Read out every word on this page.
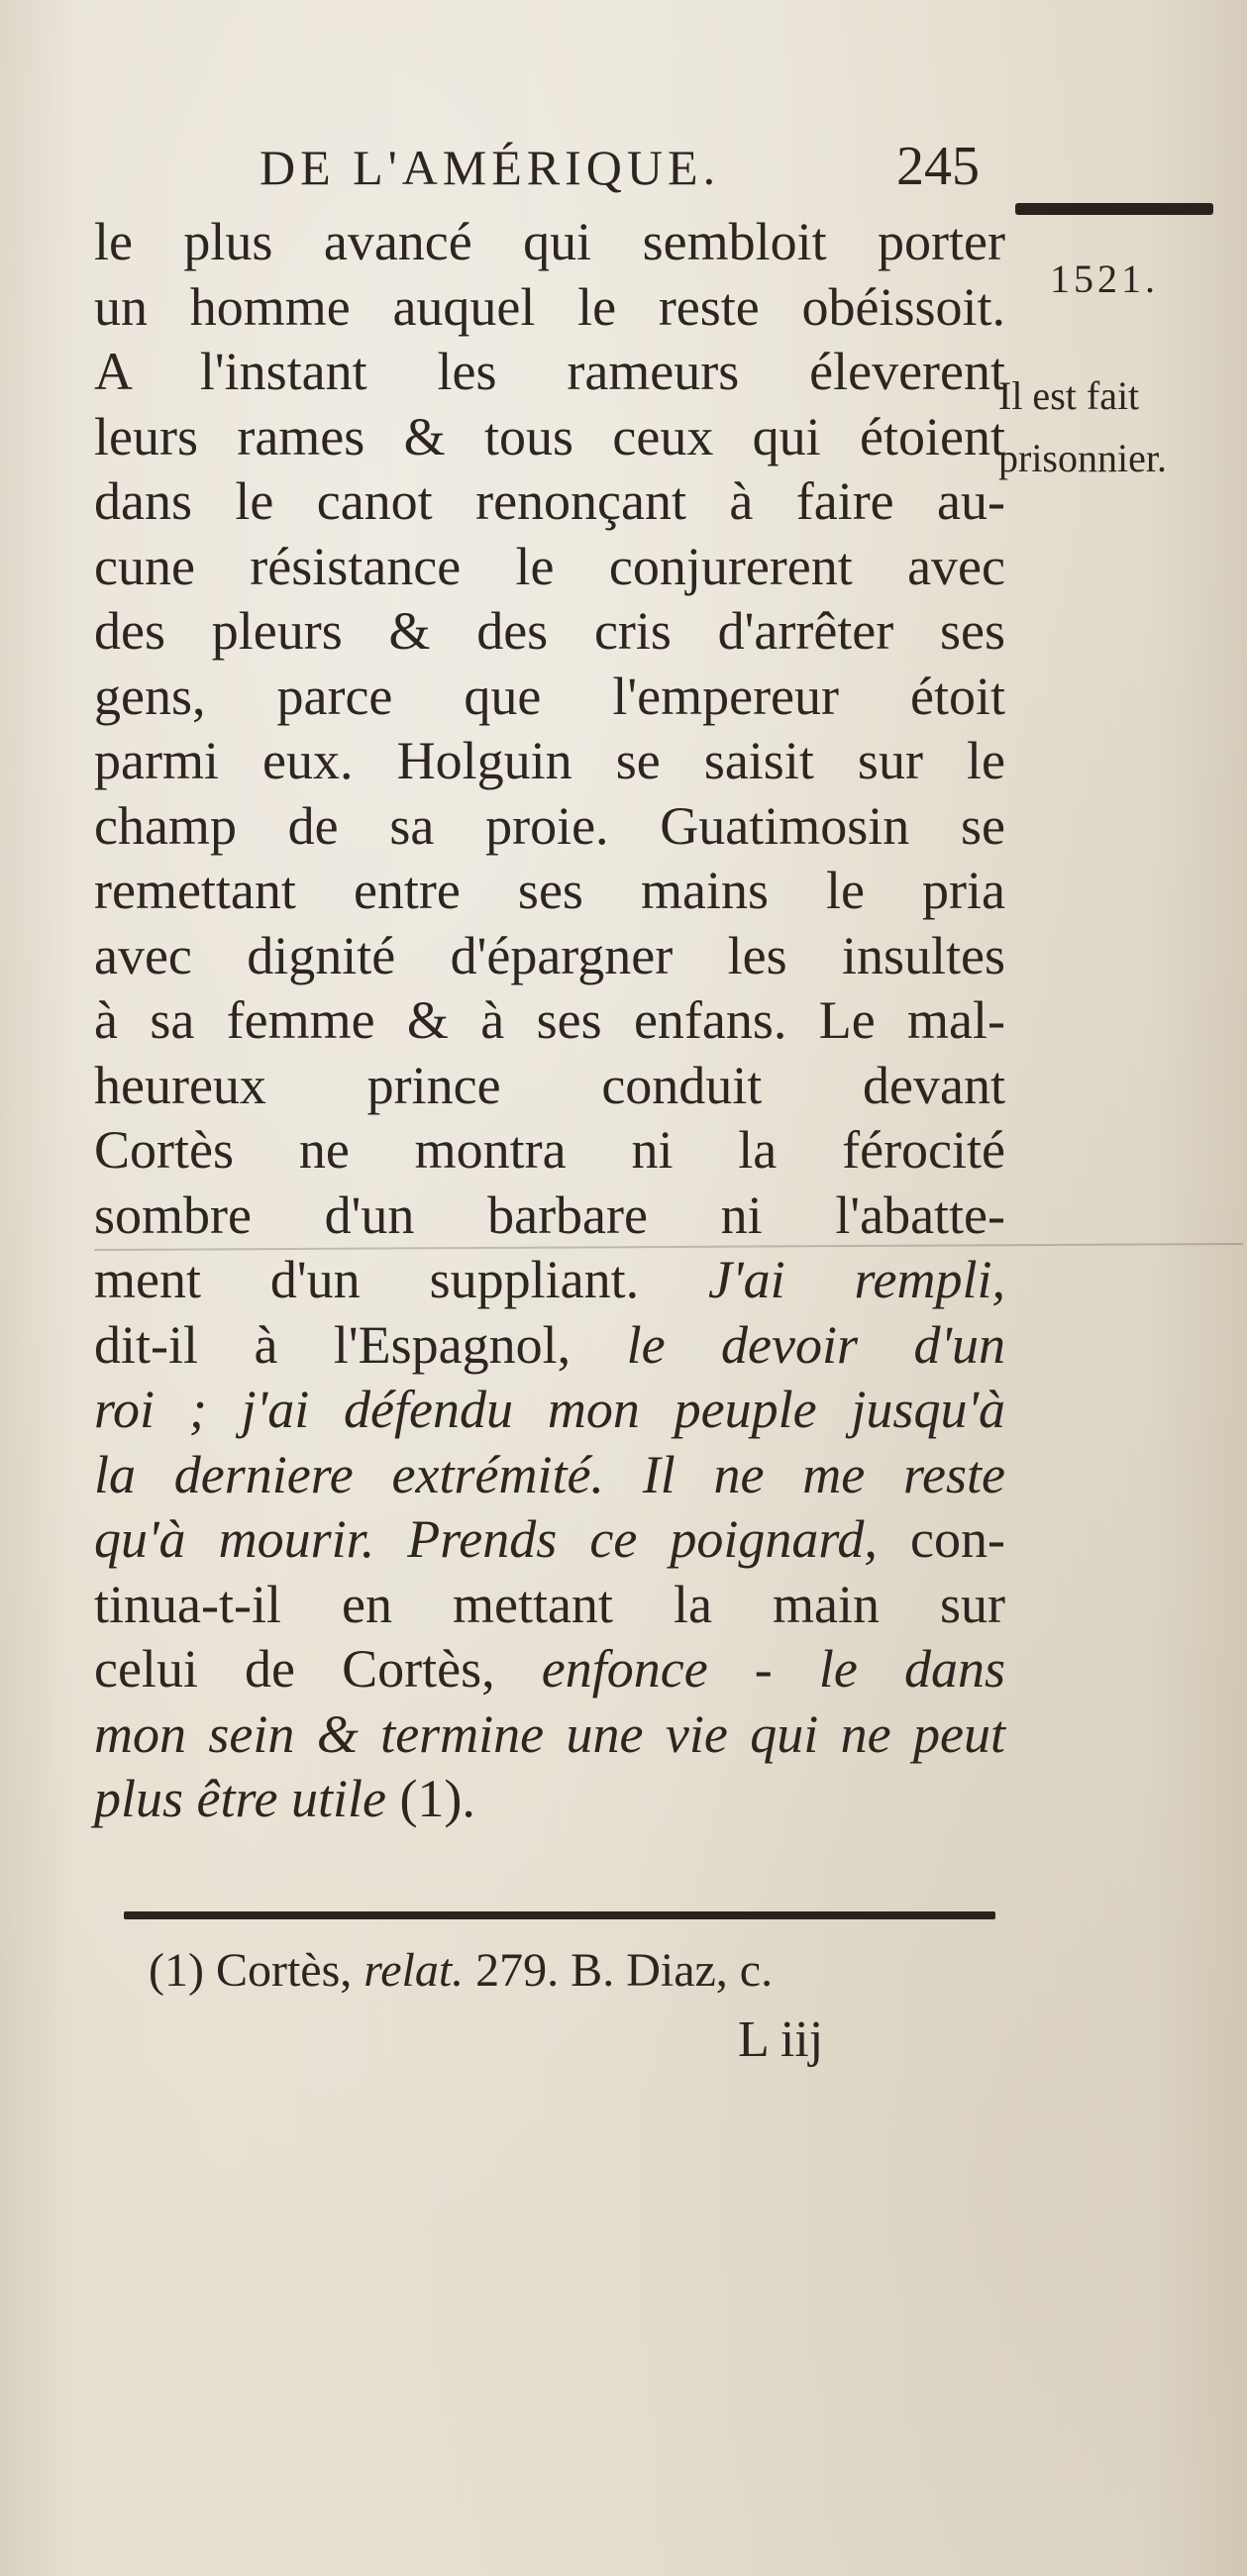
DE L'AMÉRIQUE.	245
1521.
Il est fait
prisonnier.
le plus avancé qui sembloit porter
un homme auquel le reste obéissoit.
A l'instant les rameurs éleverent
leurs rames & tous ceux qui étoient
dans le canot renonçant à faire au-
cune résistance le conjurerent avec
des pleurs & des cris d'arrêter ses
gens, parce que l'empereur étoit
parmi eux. Holguin se saisit sur le
champ de sa proie. Guatimosin se
remettant entre ses mains le pria
avec dignité d'épargner les insultes
à sa femme & à ses enfans. Le mal-
heureux prince conduit devant
Cortès ne montra ni la férocité
sombre d'un barbare ni l'abatte-
ment d'un suppliant. J'ai rempli,
dit-il à l'Espagnol, le devoir d'un
roi ; j'ai défendu mon peuple jusqu'à
la derniere extrémité. Il ne me reste
qu'à mourir. Prends ce poignard, con-
tinua-t-il en mettant la main sur
celui de Cortès, enfonce - le dans
mon sein & termine une vie qui ne peut
plus être utile (1).
(1) Cortès, relat. 279. B. Diaz, c.
L iij
